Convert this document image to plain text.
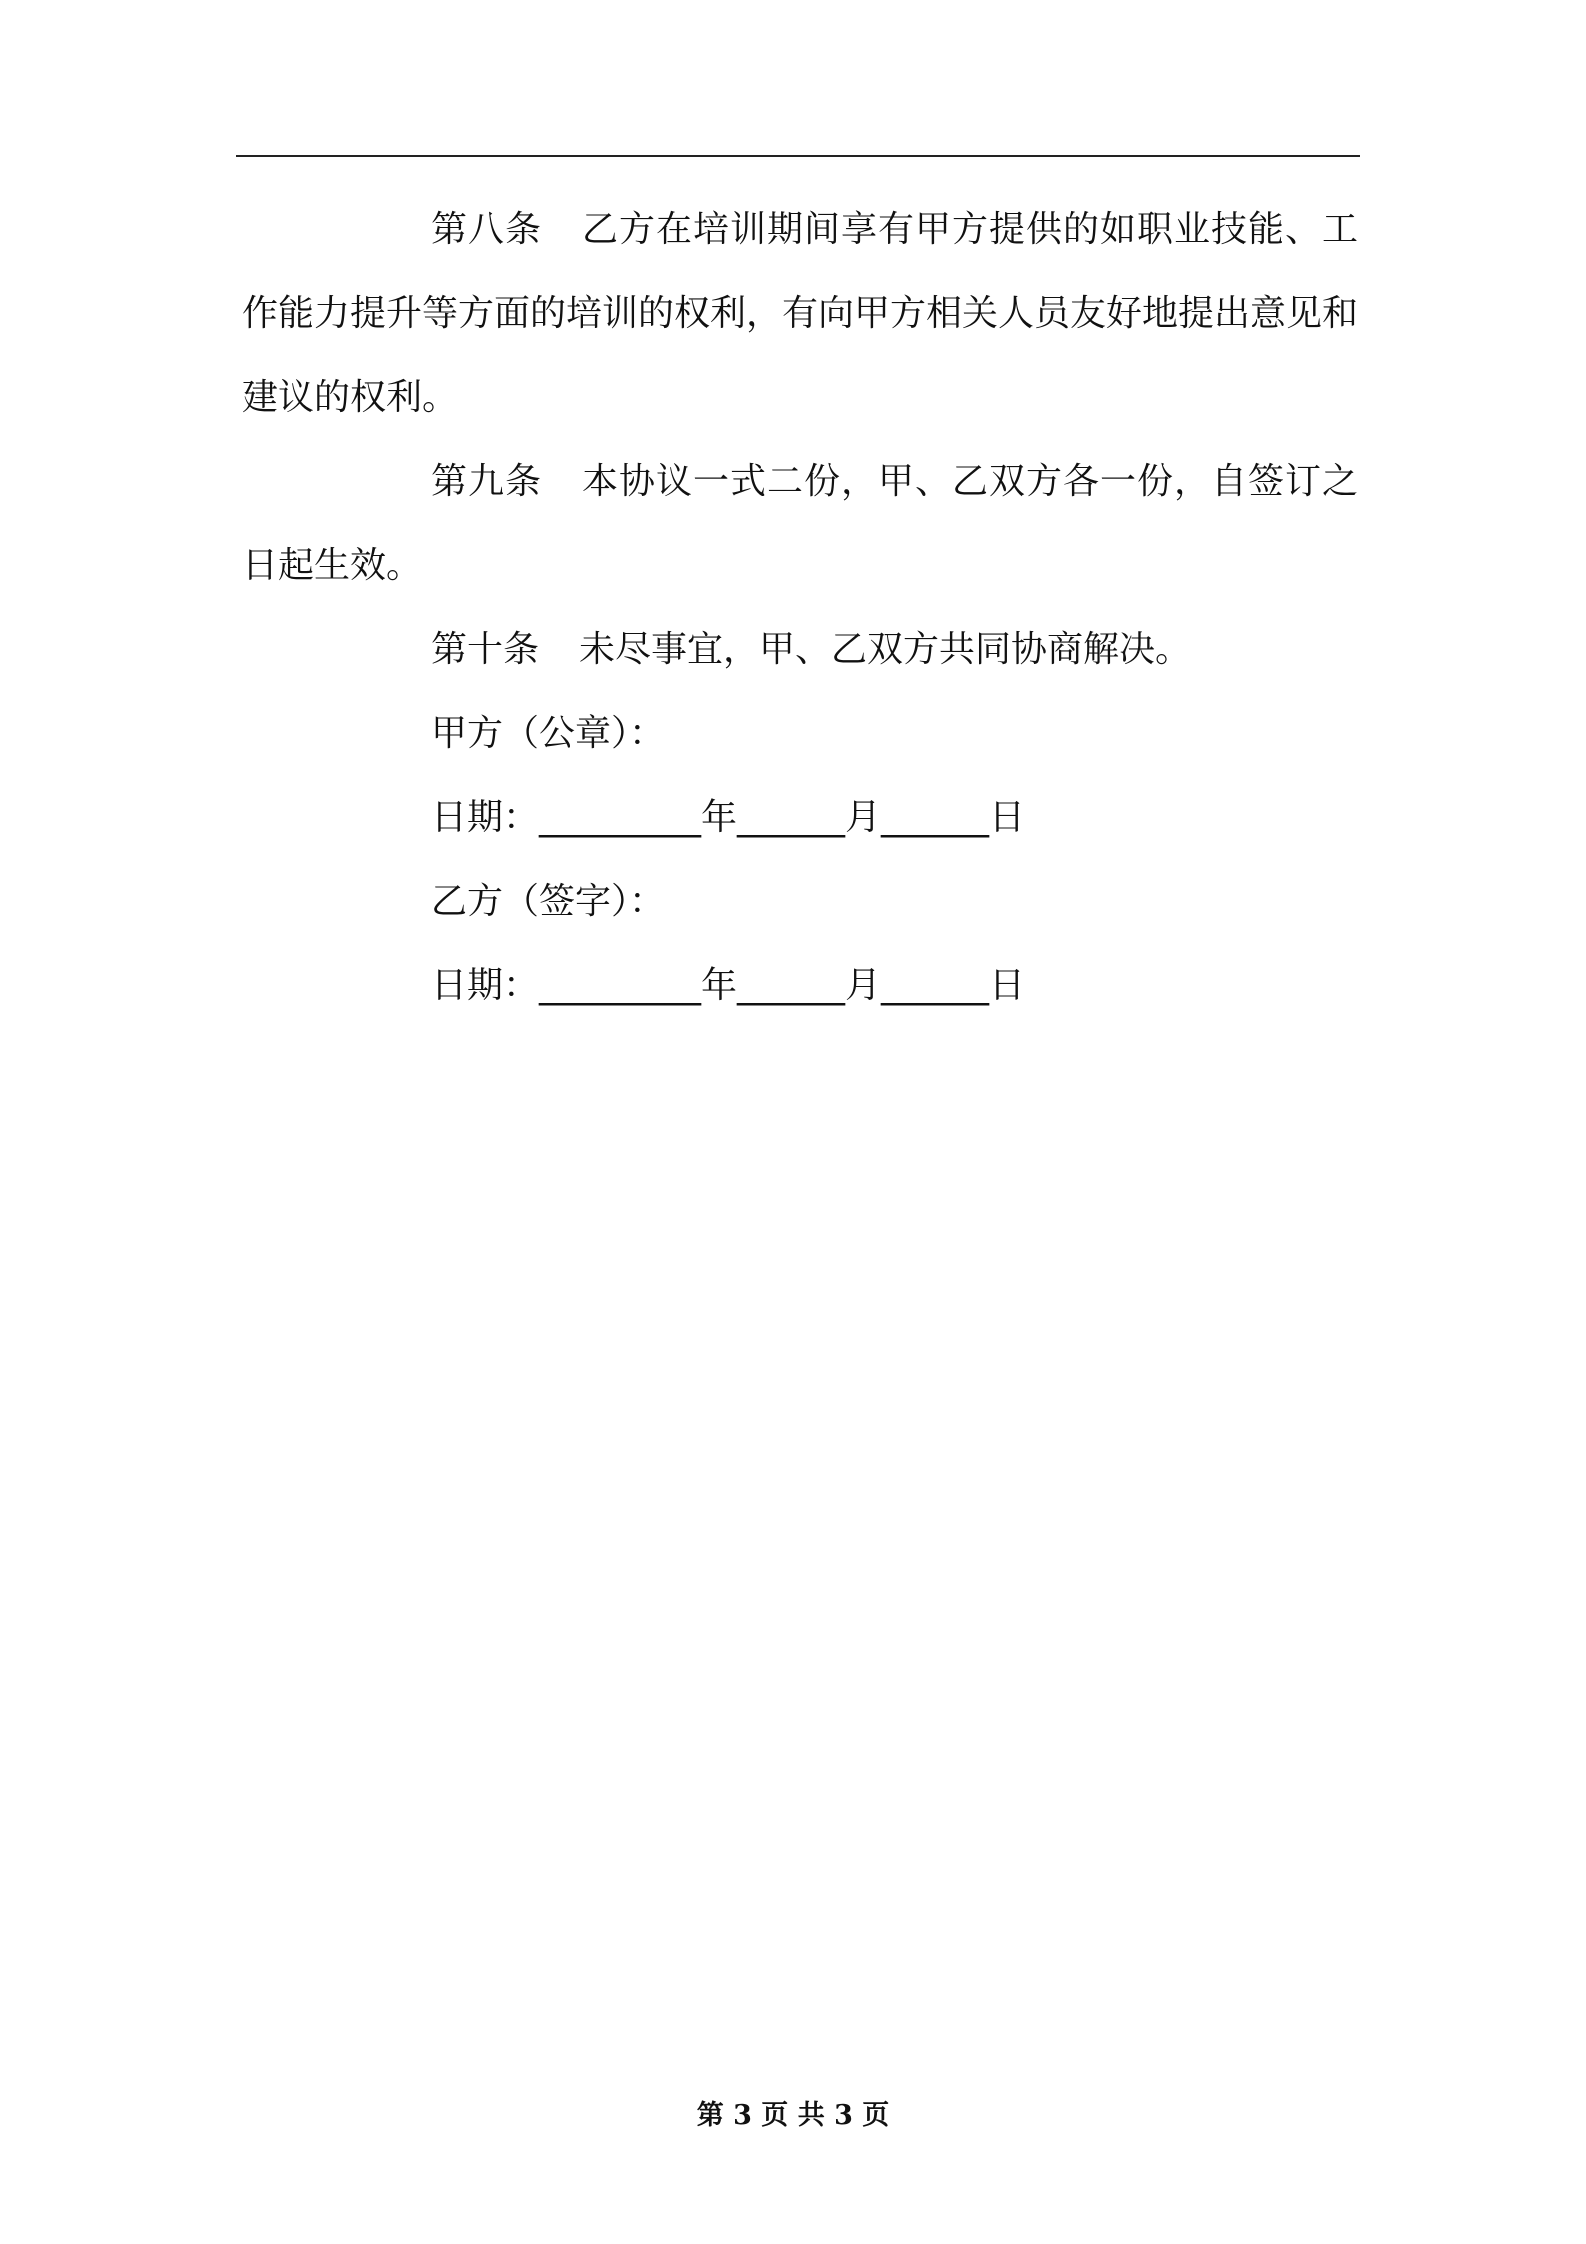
第八条 乙方在培训期间享有甲方提供的如职业技能、工作能力提升等方面的培训的权利，有向甲方相关人员友好地提出意见和建议的权利。

第九条 本协议一式二份，甲、乙双方各一份，自签订之日起生效。

第十条 未尽事宜，甲、乙双方共同协商解决。

甲方（公章）：

日期：_________年______月______日

乙方（签字）：

日期：_________年______月______日

第 3 页 共 3 页
